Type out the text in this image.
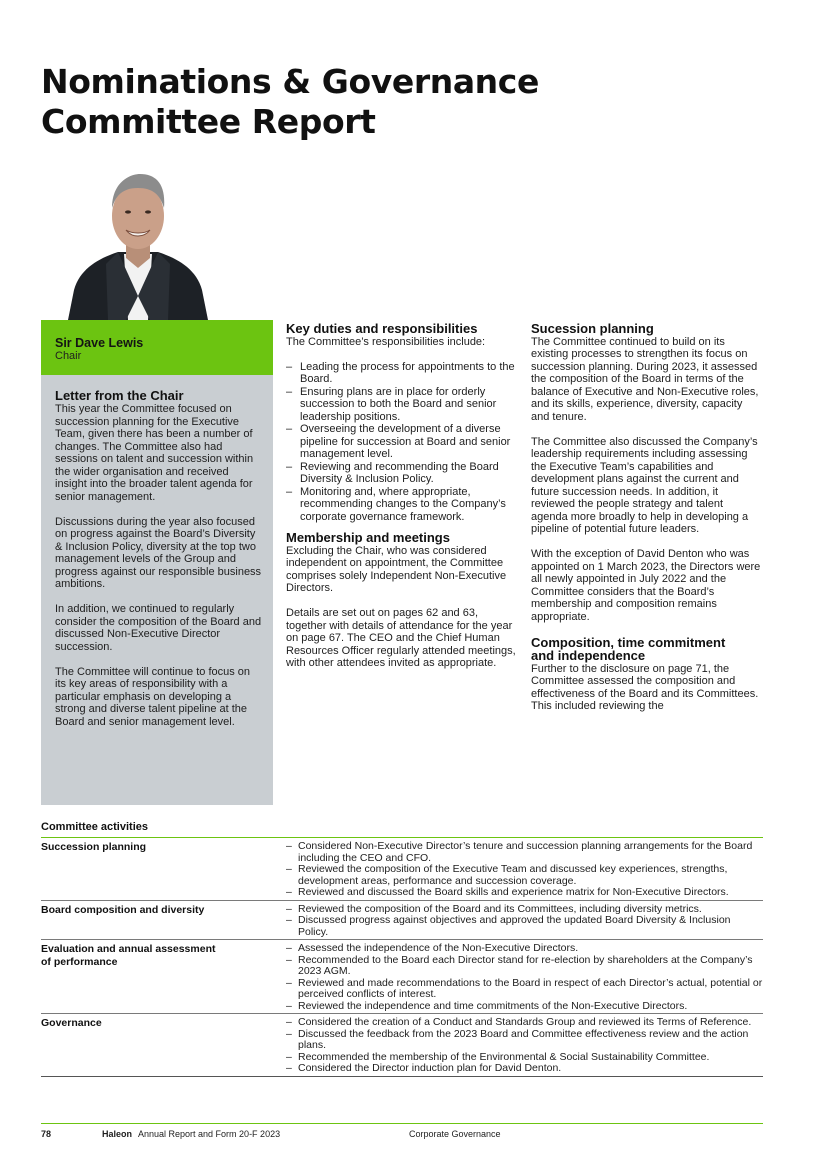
Nominations & Governance
Committee Report
Sir Dave Lewis
Chair
Letter from the Chair

This year the Committee focused on succession planning for the Executive Team, given there has been a number of changes. The Committee also had sessions on talent and succession within the wider organisation and received insight into the broader talent agenda for senior management.

Discussions during the year also focused on progress against the Board’s Diversity & Inclusion Policy, diversity at the top two management levels of the Group and progress against our responsible business ambitions.

In addition, we continued to regularly consider the composition of the Board and discussed Non-Executive Director succession.

The Committee will continue to focus on its key areas of responsibility with a particular emphasis on developing a strong and diverse talent pipeline at the Board and senior management level.

Key duties and responsibilities

The Committee’s responsibilities include:

– Leading the process for appointments to the Board.
– Ensuring plans are in place for orderly succession to both the Board and senior leadership positions.
– Overseeing the development of a diverse pipeline for succession at Board and senior management level.
– Reviewing and recommending the Board Diversity & Inclusion Policy.
– Monitoring and, where appropriate, recommending changes to the Company’s corporate governance framework.
Membership and meetings

Excluding the Chair, who was considered independent on appointment, the Committee comprises solely Independent Non-Executive Directors.

Details are set out on pages 62 and 63, together with details of attendance for the year on page 67. The CEO and the Chief Human Resources Officer regularly attended meetings, with other attendees invited as appropriate.

Sucession planning

The Committee continued to build on its existing processes to strengthen its focus on succession planning. During 2023, it assessed the composition of the Board in terms of the balance of Executive and Non-Executive roles, and its skills, experience, diversity, capacity and tenure.

The Committee also discussed the Company’s leadership requirements including assessing the Executive Team’s capabilities and development plans against the current and future succession needs. In addition, it reviewed the people strategy and talent agenda more broadly to help in developing a pipeline of potential future leaders.

With the exception of David Denton who was appointed on 1 March 2023, the Directors were all newly appointed in July 2022 and the Committee considers that the Board’s membership and composition remains appropriate.

Composition, time commitment
and independence

Further to the disclosure on page 71, the Committee assessed the composition and effectiveness of the Board and its Committees. This included reviewing the

Committee activities
Succession planning	– Considered Non-Executive Director’s tenure and succession planning arrangements for the Board including the CEO and CFO.
– Reviewed the composition of the Executive Team and discussed key experiences, strengths, development areas, performance and succession coverage.
– Reviewed and discussed the Board skills and experience matrix for Non-Executive Directors.
Board composition and diversity	– Reviewed the composition of the Board and its Committees, including diversity metrics.
– Discussed progress against objectives and approved the updated Board Diversity & Inclusion Policy.
Evaluation and annual assessment
of performance
– Assessed the independence of the Non-Executive Directors.
– Recommended to the Board each Director stand for re-election by shareholders at the Company’s 2023 AGM.
– Reviewed and made recommendations to the Board in respect of each Director’s actual, potential or perceived conflicts of interest.
– Reviewed the independence and time commitments of the Non-Executive Directors.
Governance	– Considered the creation of a Conduct and Standards Group and reviewed its Terms of Reference.
– Discussed the feedback from the 2023 Board and Committee effectiveness review and the action plans.
– Recommended the membership of the Environmental & Social Sustainability Committee.
– Considered the Director induction plan for David Denton.
78	Haleon Annual Report and Form 20-F 2023	Corporate Governance
